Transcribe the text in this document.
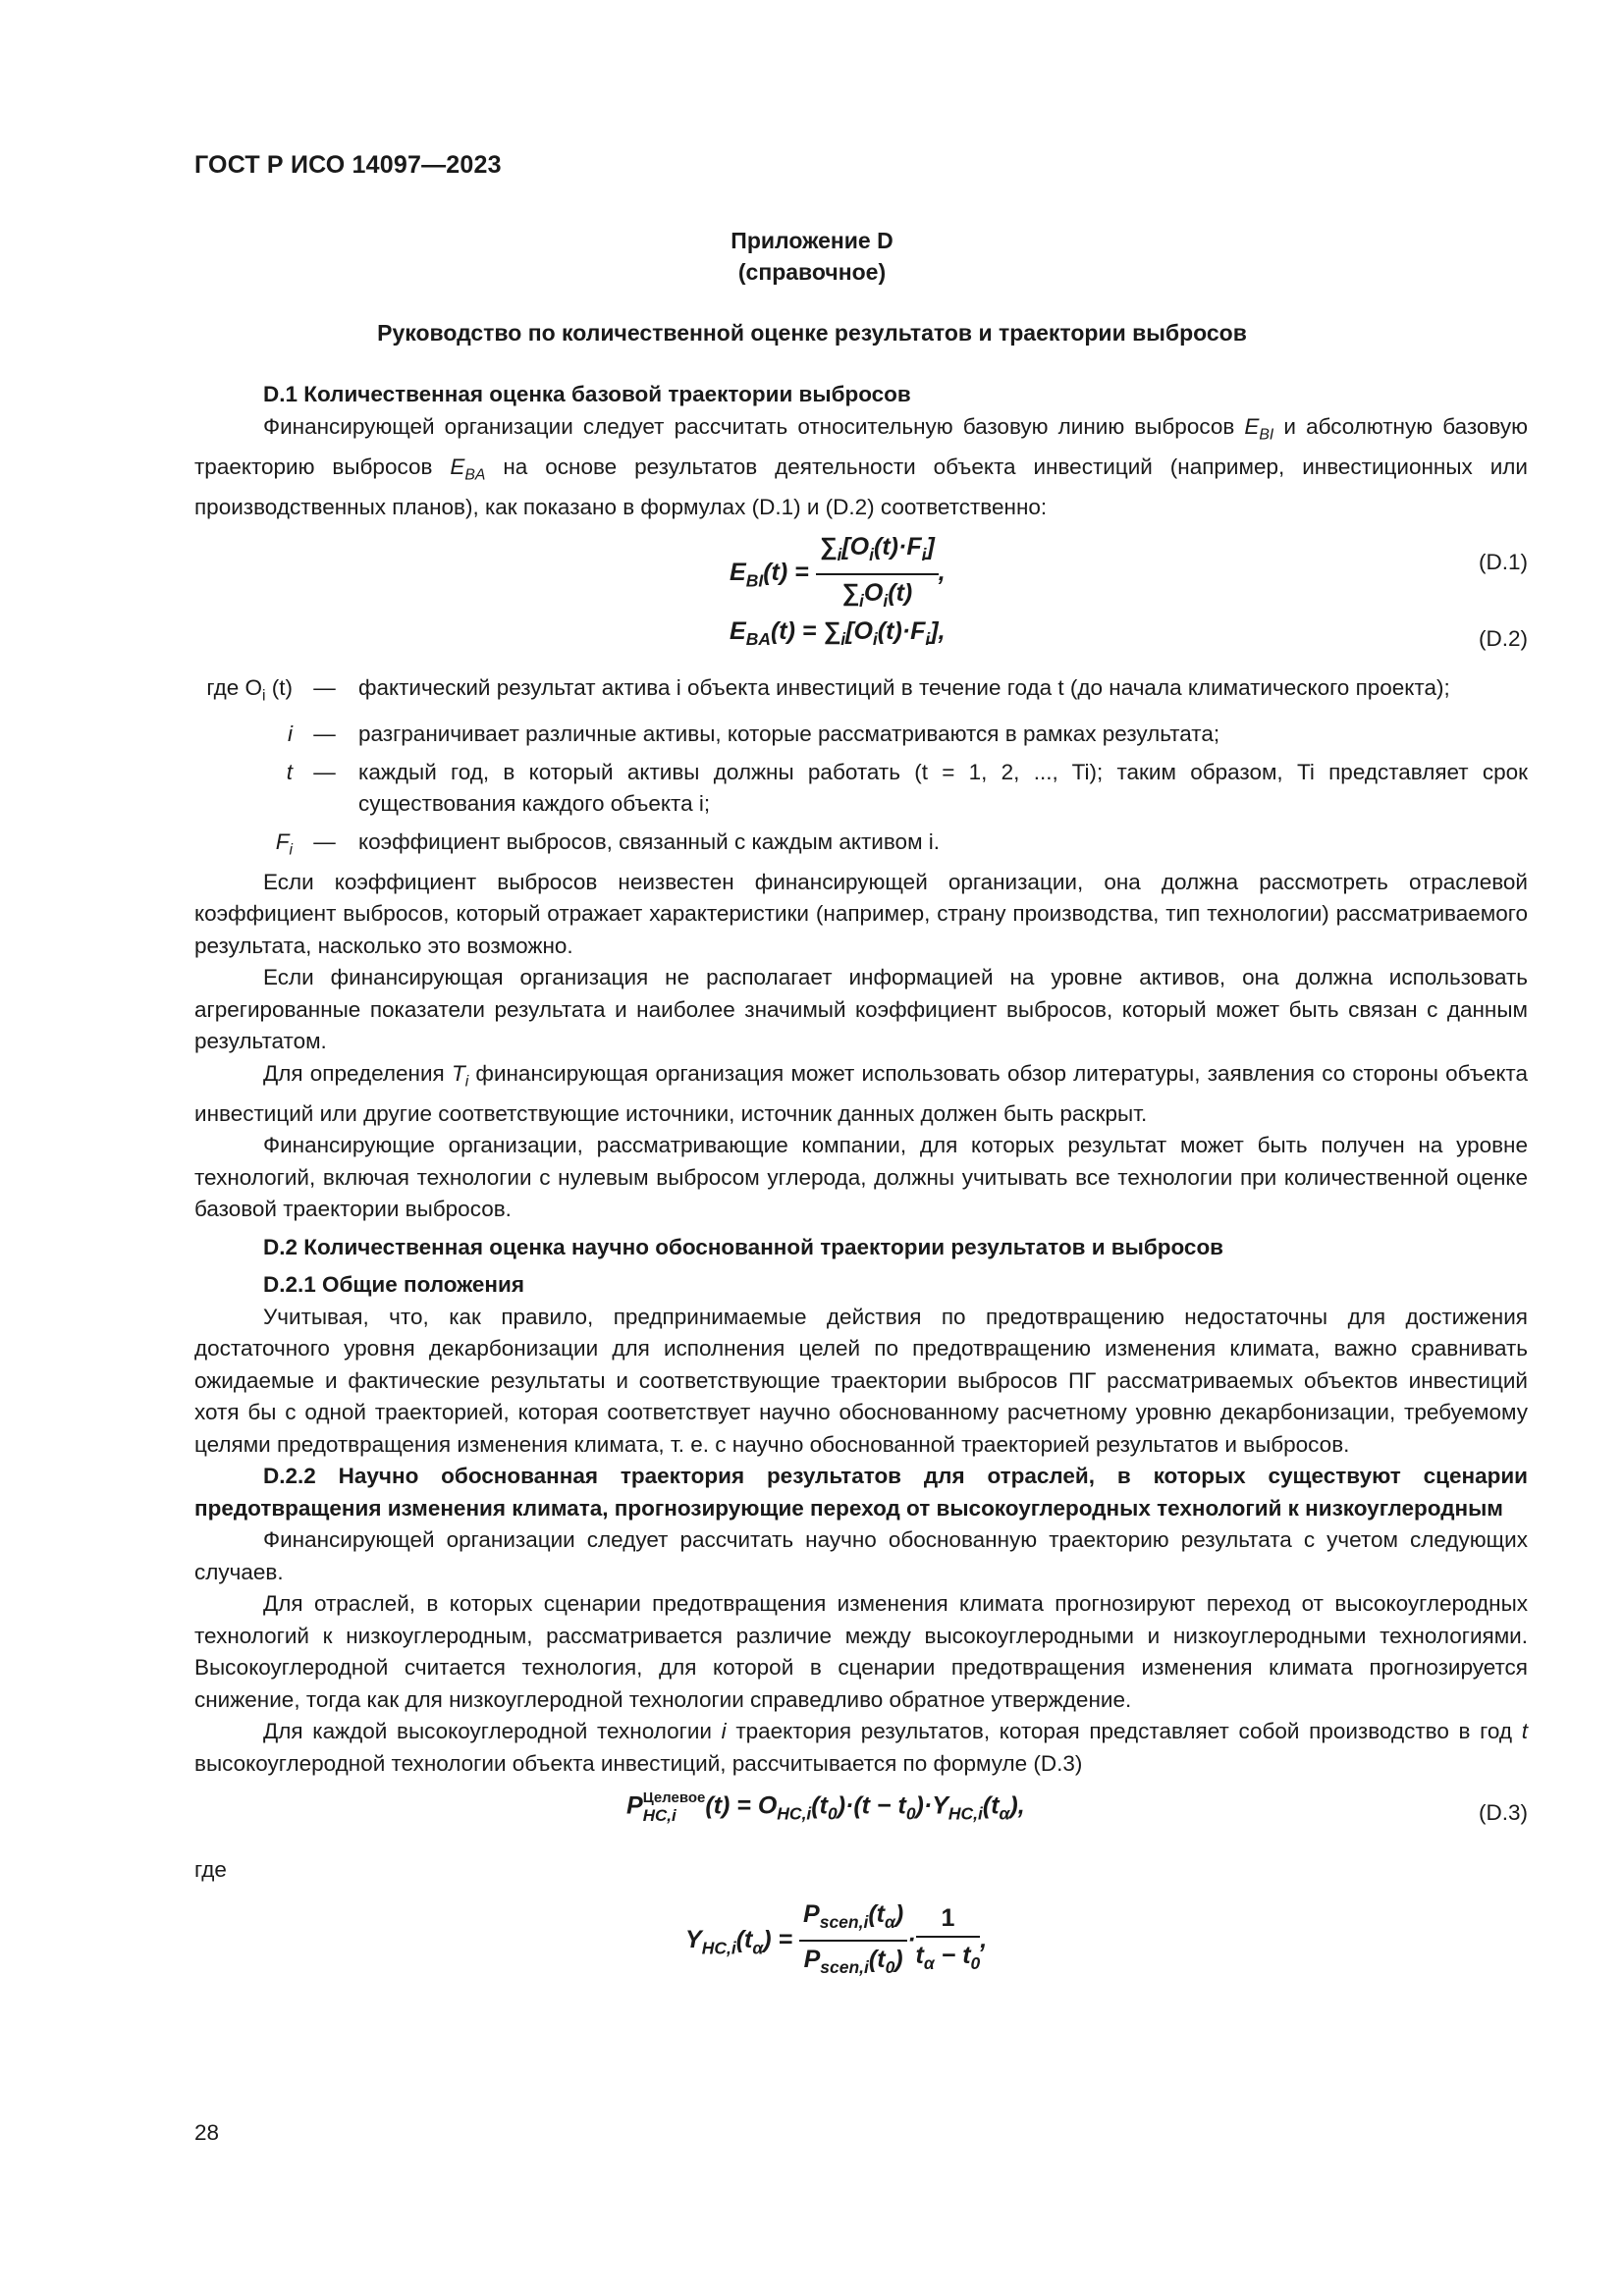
ГОСТ Р ИСО 14097—2023
Приложение D
(справочное)
Руководство по количественной оценке результатов и траектории выбросов

D.1 Количественная оценка базовой траектории выбросов

Финансирующей организации следует рассчитать относительную базовую линию выбросов $E_{BI}$ и абсолютную базовую траекторию выбросов $E_{BA}$ на основе результатов деятельности объекта инвестиций (например, инвестиционных или производственных планов), как показано в формулах (D.1) и (D.2) соответственно:

$E_{BI}(t) = \frac{\sum_i[O_i(t)\cdot F_i]}{\sum_iO_i(t)}$ ,	(D.1)
$E_{BA}(t) = \sum_i[O_i(t)\cdot F_i]$,	(D.2)
где $O_i$ (t) —	фактический результат актива i объекта инвестиций в течение года t (до начала климатического проекта);
i —	разграничивает различные активы, которые рассматриваются в рамках результата;
t —	каждый год, в который активы должны работать (t = 1, 2, ..., Ti); таким образом, Ti представляет срок существования каждого объекта i;
$F_i$ —	коэффициент выбросов, связанный с каждым активом i.

Если коэффициент выбросов неизвестен финансирующей организации, она должна рассмотреть отраслевой коэффициент выбросов, который отражает характеристики (например, страну производства, тип технологии) рассматриваемого результата, насколько это возможно.

Если финансирующая организация не располагает информацией на уровне активов, она должна использовать агрегированные показатели результата и наиболее значимый коэффициент выбросов, который может быть связан с данным результатом.

Для определения $T_i$ финансирующая организация может использовать обзор литературы, заявления со стороны объекта инвестиций или другие соответствующие источники, источник данных должен быть раскрыт.

Финансирующие организации, рассматривающие компании, для которых результат может быть получен на уровне технологий, включая технологии с нулевым выбросом углерода, должны учитывать все технологии при количественной оценке базовой траектории выбросов.

D.2 Количественная оценка научно обоснованной траектории результатов и выбросов

D.2.1 Общие положения

Учитывая, что, как правило, предпринимаемые действия по предотвращению недостаточны для достижения достаточного уровня декарбонизации для исполнения целей по предотвращению изменения климата, важно сравнивать ожидаемые и фактические результаты и соответствующие траектории выбросов ПГ рассматриваемых объектов инвестиций хотя бы с одной траекторией, которая соответствует научно обоснованному расчетному уровню декарбонизации, требуемому целями предотвращения изменения климата, т. е. с научно обоснованной траекторией результатов и выбросов.

D.2.2 Научно обоснованная траектория результатов для отраслей, в которых существуют сценарии предотвращения изменения климата, прогнозирующие переход от высокоуглеродных технологий к низкоуглеродным

Финансирующей организации следует рассчитать научно обоснованную траекторию результата с учетом следующих случаев.

Для отраслей, в которых сценарии предотвращения изменения климата прогнозируют переход от высокоуглеродных технологий к низкоуглеродным, рассматривается различие между высокоуглеродными и низкоуглеродными технологиями. Высокоуглеродной считается технология, для которой в сценарии предотвращения изменения климата прогнозируется снижение, тогда как для низкоуглеродной технологии справедливо обратное утверждение.

Для каждой высокоуглеродной технологии i траектория результатов, которая представляет собой производство в год t высокоуглеродной технологии объекта инвестиций, рассчитывается по формуле (D.3)

P Целевое
HC,i	$(t) = O_{HC,i}(t_0)\cdot(t - t_0)\cdot Y_{HC,i}(t_\alpha)$,	(D.3)

где

$Y_{HC,i}(t_\alpha) = \frac{P_{scen,i}(t_\alpha)}{P_{scen,i}(t_0)} \cdot \frac{1}{t_\alpha - t_0}$ ,
28
